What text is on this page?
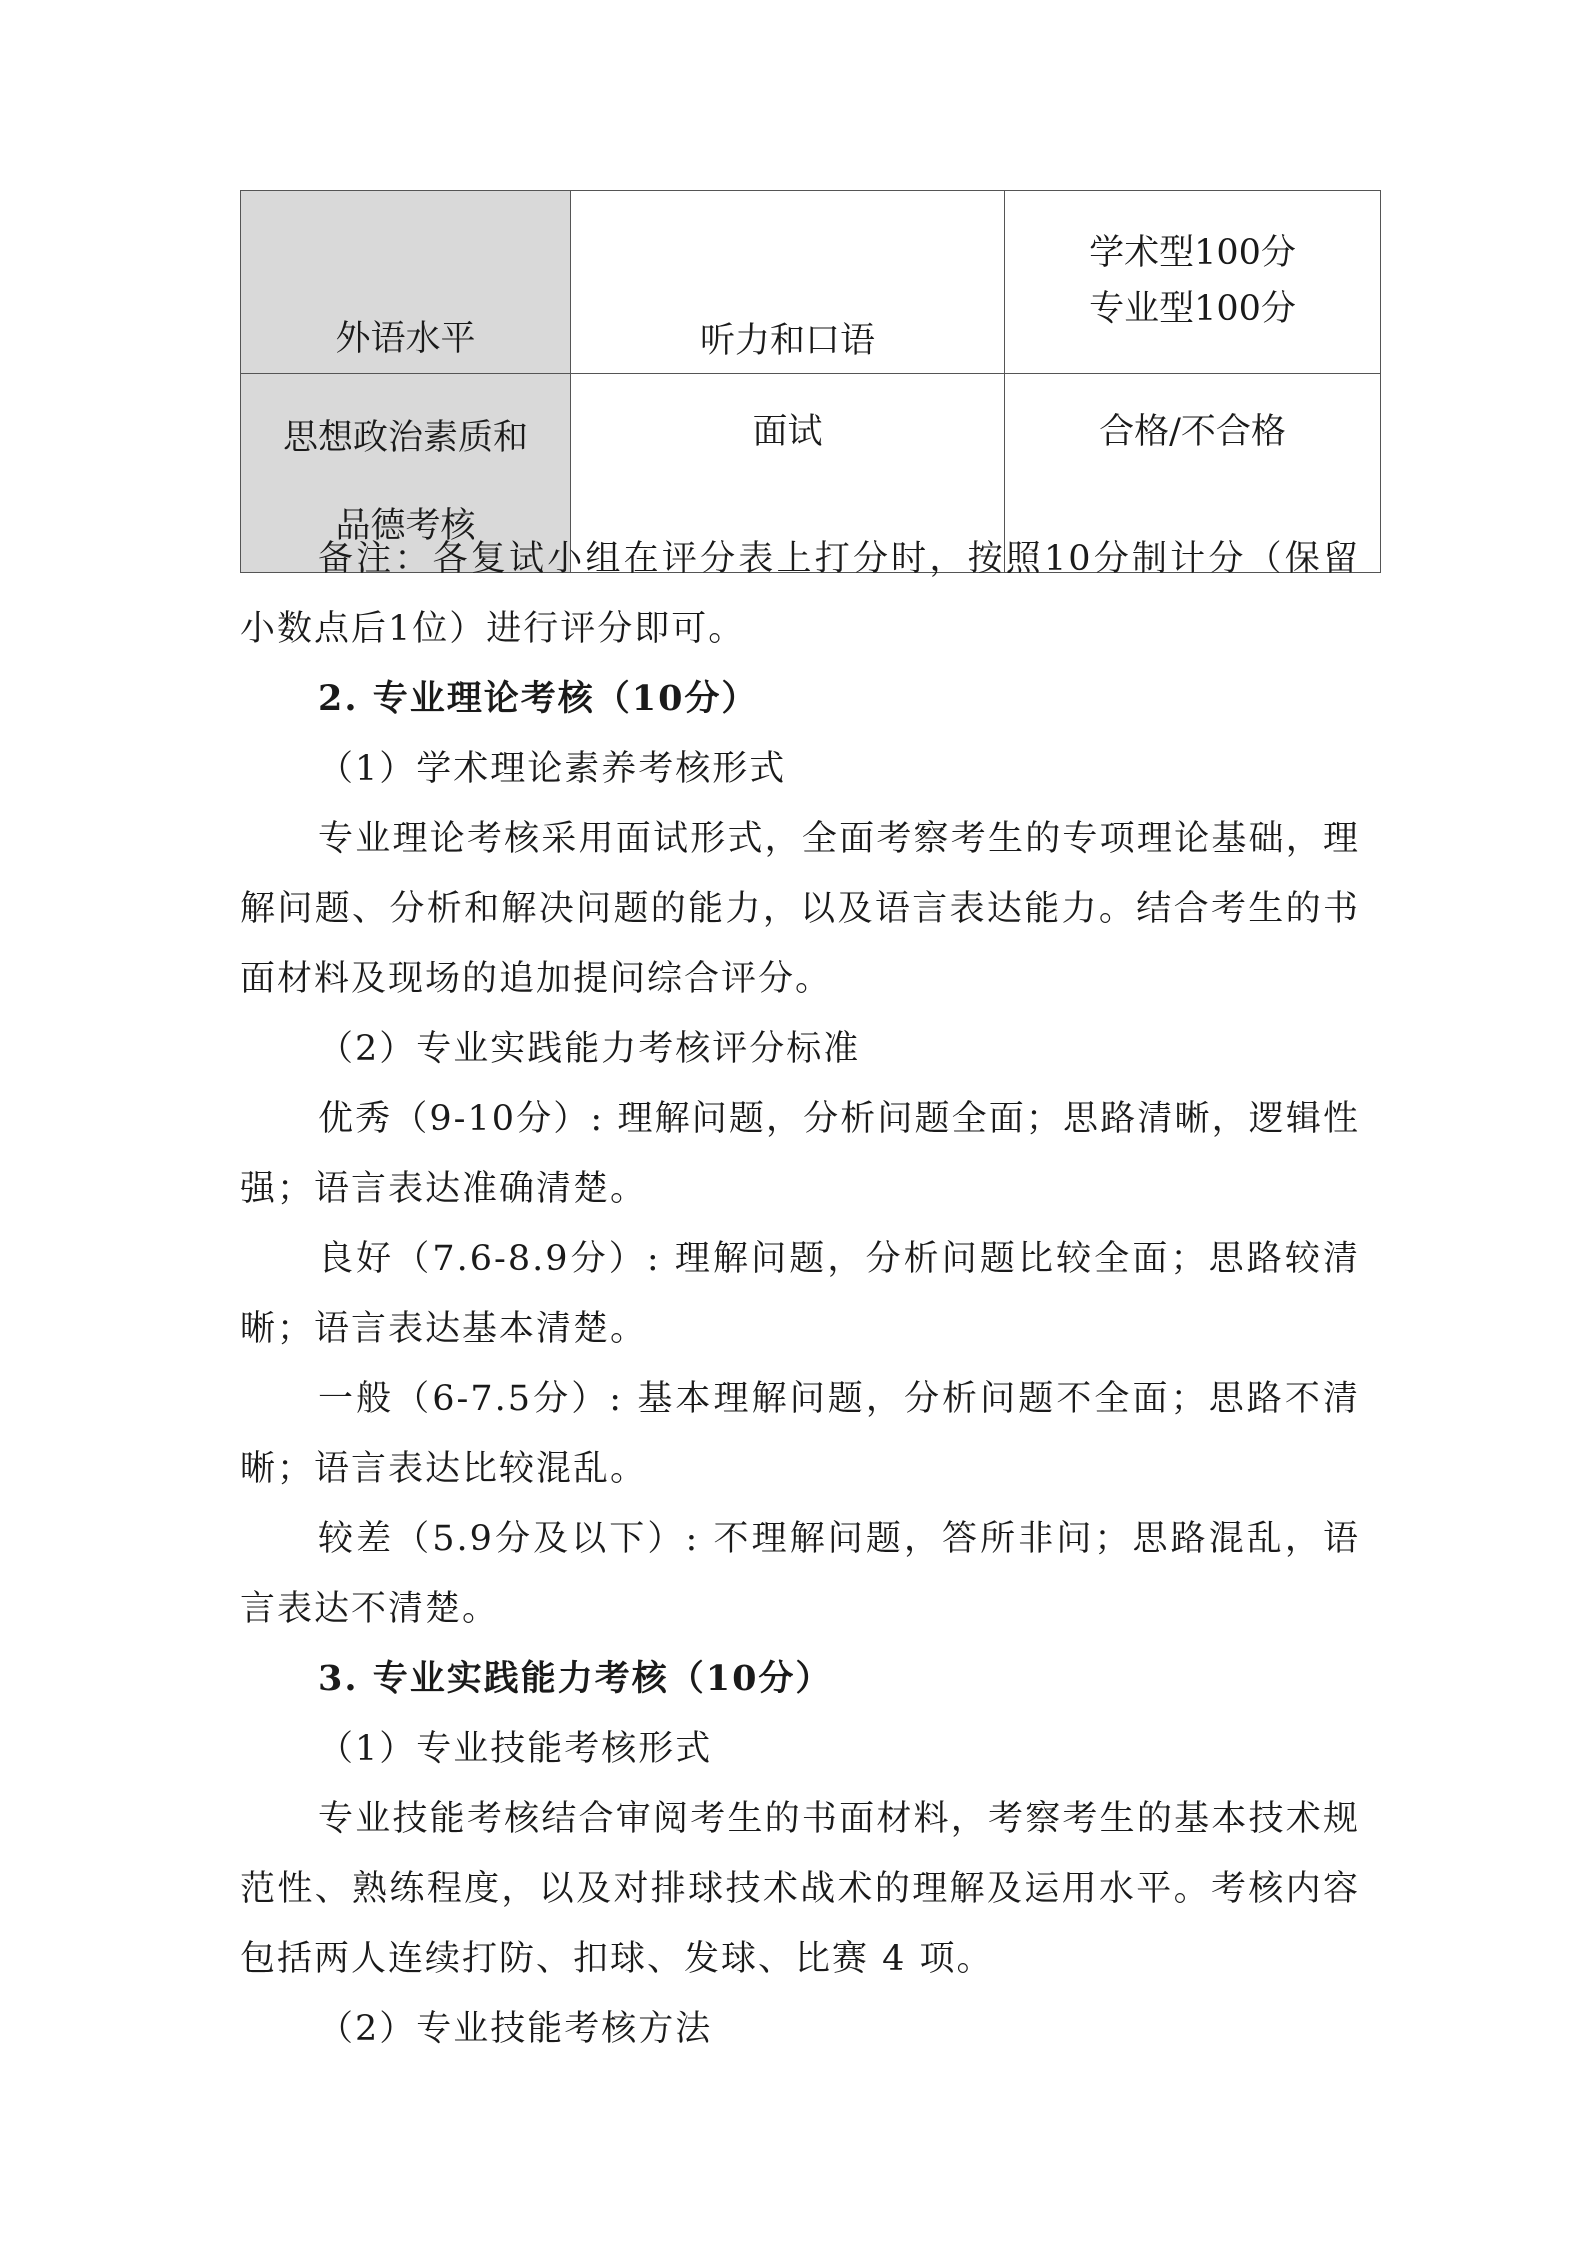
外语水平	听力和口语	学术型100分
专业型100分

思想政治素质和
品德考核	面试	合格/不合格

备注：各复试小组在评分表上打分时，按照10分制计分（保留小数点后1位）进行评分即可。

2. 专业理论考核（10分）

（1）学术理论素养考核形式

专业理论考核采用面试形式，全面考察考生的专项理论基础，理解问题、分析和解决问题的能力，以及语言表达能力。结合考生的书面材料及现场的追加提问综合评分。

（2）专业实践能力考核评分标准

优秀（9-10分）: 理解问题，分析问题全面；思路清晰，逻辑性强；语言表达准确清楚。

良好（7.6-8.9分）: 理解问题，分析问题比较全面；思路较清晰；语言表达基本清楚。

一般（6-7.5分）: 基本理解问题，分析问题不全面；思路不清晰；语言表达比较混乱。

较差（5.9分及以下）: 不理解问题，答所非问；思路混乱，语言表达不清楚。

3. 专业实践能力考核（10分）

（1）专业技能考核形式

专业技能考核结合审阅考生的书面材料，考察考生的基本技术规范性、熟练程度，以及对排球技术战术的理解及运用水平。考核内容包括两人连续打防、扣球、发球、比赛 4 项。

（2）专业技能考核方法
